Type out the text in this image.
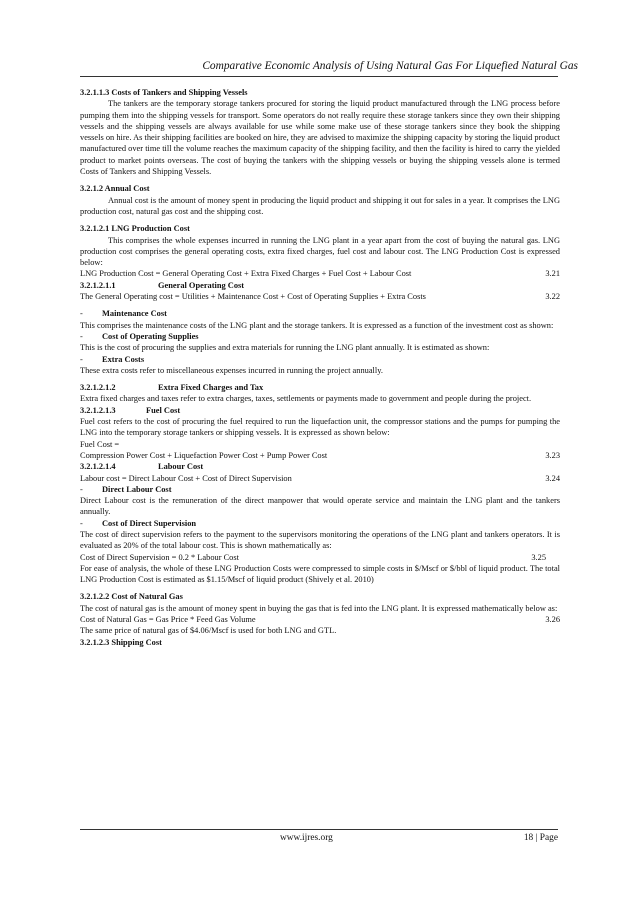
Comparative Economic Analysis of Using Natural Gas For Liquefied Natural Gas

3.2.1.1.3 Costs of Tankers and Shipping Vessels

The tankers are the temporary storage tankers procured for storing the liquid product manufactured through the LNG process before pumping them into the shipping vessels for transport. Some operators do not really require these storage tankers since they own their shipping vessels and the shipping vessels are always available for use while some make use of these storage tankers since they book the shipping vessels on hire. As their shipping facilities are booked on hire, they are advised to maximize the shipping capacity by storing the liquid product manufactured over time till the volume reaches the maximum capacity of the shipping facility, and then the facility is hired to carry the yielded product to market points overseas. The cost of buying the tankers with the shipping vessels or buying the shipping vessels alone is termed Costs of Tankers and Shipping Vessels.

3.2.1.2 Annual Cost

Annual cost is the amount of money spent in producing the liquid product and shipping it out for sales in a year. It comprises the LNG production cost, natural gas cost and the shipping cost.

3.2.1.2.1 LNG Production Cost

This comprises the whole expenses incurred in running the LNG plant in a year apart from the cost of buying the natural gas. LNG production cost comprises the general operating costs, extra fixed charges, fuel cost and labour cost. The LNG Production Cost is expressed below:

LNG Production Cost = General Operating Cost + Extra Fixed Charges + Fuel Cost + Labour Cost	3.21
3.2.1.2.1.1	General Operating Cost
The General Operating cost = Utilities + Maintenance Cost + Cost of Operating Supplies + Extra Costs	3.22
-	Maintenance Cost

This comprises the maintenance costs of the LNG plant and the storage tankers. It is expressed as a function of the investment cost as shown:

-	Cost of Operating Supplies

This is the cost of procuring the supplies and extra materials for running the LNG plant annually. It is estimated as shown:

-	Extra Costs

These extra costs refer to miscellaneous expenses incurred in running the project annually.

3.2.1.2.1.2	Extra Fixed Charges and Tax

Extra fixed charges and taxes refer to extra charges, taxes, settlements or payments made to government and people during the project.

3.2.1.2.1.3	Fuel Cost

Fuel cost refers to the cost of procuring the fuel required to run the liquefaction unit, the compressor stations and the pumps for pumping the LNG into the temporary storage tankers or shipping vessels. It is expressed as shown below:

Fuel Cost =

Compression Power Cost + Liquefaction Power Cost + Pump Power Cost	3.23
3.2.1.2.1.4	Labour Cost
Labour cost = Direct Labour Cost + Cost of Direct Supervision	3.24
-	Direct Labour Cost

Direct Labour cost is the remuneration of the direct manpower that would operate service and maintain the LNG plant and the tankers annually.

-	Cost of Direct Supervision

The cost of direct supervision refers to the payment to the supervisors monitoring the operations of the LNG plant and tankers operators. It is evaluated as 20% of the total labour cost. This is shown mathematically as:

Cost of Direct Supervision = 0.2 * Labour Cost	3.25

For ease of analysis, the whole of these LNG Production Costs were compressed to simple costs in $/Mscf or $/bbl of liquid product. The total LNG Production Cost is estimated as $1.15/Mscf of liquid product (Shively et al. 2010)

3.2.1.2.2 Cost of Natural Gas

The cost of natural gas is the amount of money spent in buying the gas that is fed into the LNG plant. It is expressed mathematically below as:

Cost of Natural Gas = Gas Price * Feed Gas Volume	3.26

The same price of natural gas of $4.06/Mscf is used for both LNG and GTL.

3.2.1.2.3 Shipping Cost

www.ijres.org	18 | Page
